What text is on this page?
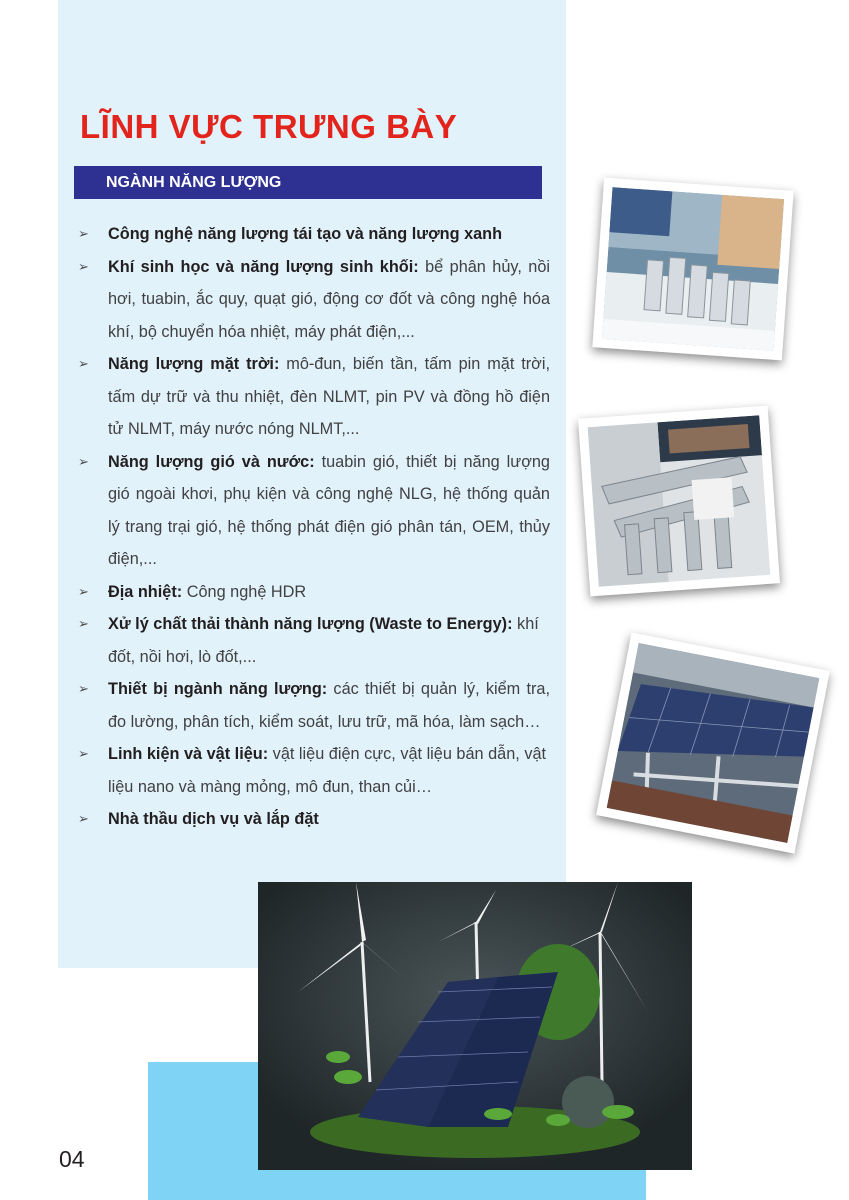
LĨNH VỰC TRƯNG BÀY
NGÀNH NĂNG LƯỢNG
➢ Công nghệ năng lượng tái tạo và năng lượng xanh
➢ Khí sinh học và năng lượng sinh khối: bể phân hủy, nồi hơi, tuabin, ắc quy, quạt gió, động cơ đốt và công nghệ hóa khí, bộ chuyển hóa nhiệt, máy phát điện,...
➢ Năng lượng mặt trời: mô-đun, biến tần, tấm pin mặt trời, tấm dự trữ và thu nhiệt, đèn NLMT, pin PV và đồng hồ điện tử NLMT, máy nước nóng NLMT,...
➢ Năng lượng gió và nước: tuabin gió, thiết bị năng lượng gió ngoài khơi, phụ kiện và công nghệ NLG, hệ thống quản lý trang trại gió, hệ thống phát điện gió phân tán, OEM, thủy điện,...
➢ Địa nhiệt: Công nghệ HDR
➢ Xử lý chất thải thành năng lượng (Waste to Energy): khí đốt, nồi hơi, lò đốt,...
➢ Thiết bị ngành năng lượng: các thiết bị quản lý, kiểm tra, đo lường, phân tích, kiểm soát, lưu trữ, mã hóa, làm sạch…
➢ Linh kiện và vật liệu: vật liệu điện cực, vật liệu bán dẫn, vật liệu nano và màng mỏng, mô đun, than củi…
➢ Nhà thầu dịch vụ và lắp đặt
04
